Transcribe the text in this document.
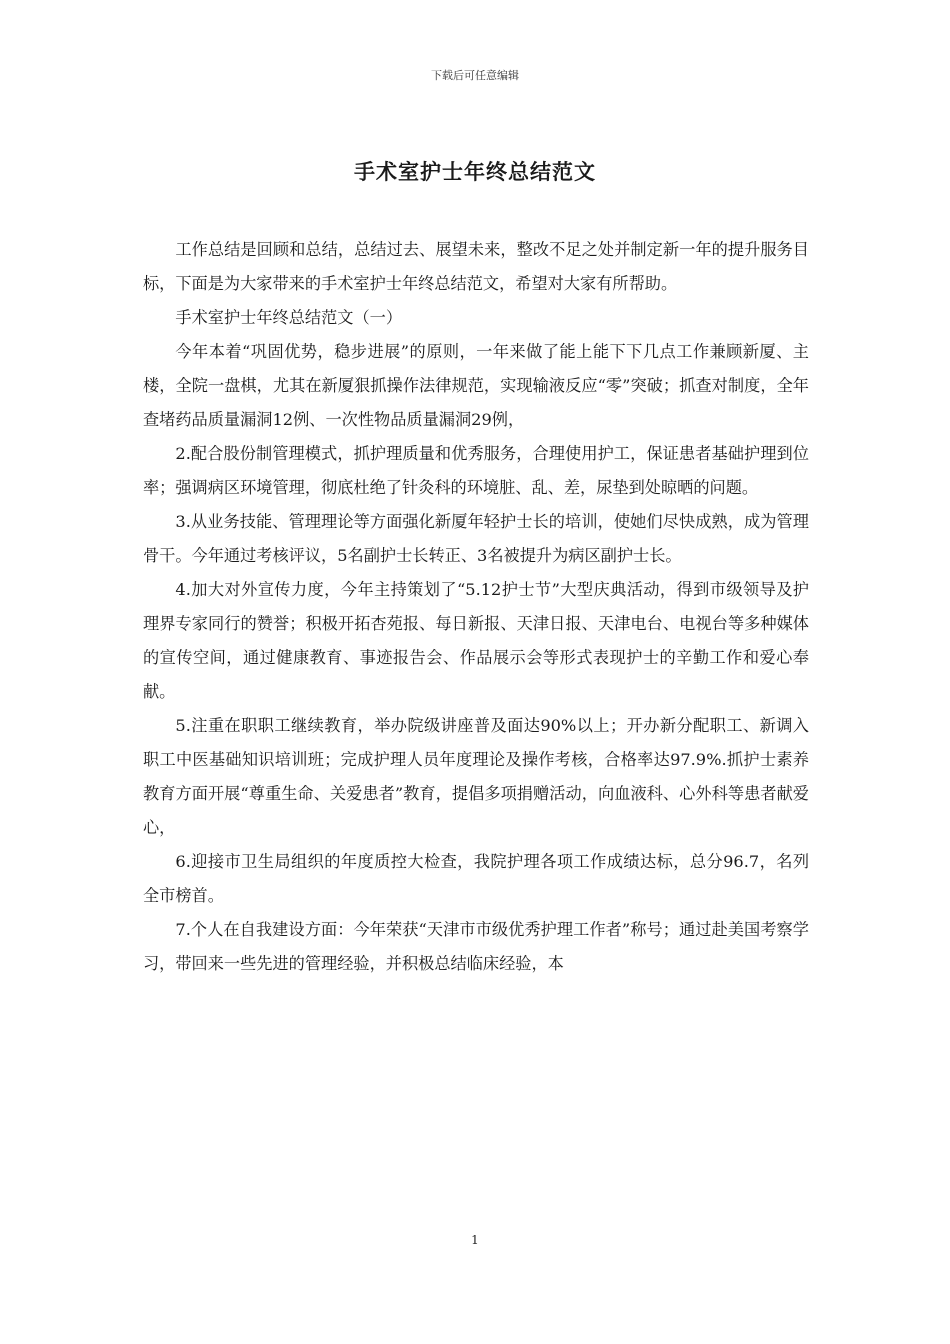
下载后可任意编辑
手术室护士年终总结范文

工作总结是回顾和总结，总结过去、展望未来，整改不足之处并制定新一年的提升服务目标，下面是为大家带来的手术室护士年终总结范文，希望对大家有所帮助。

手术室护士年终总结范文（一）

今年本着“巩固优势，稳步进展”的原则，一年来做了能上能下下几点工作兼顾新厦、主楼，全院一盘棋，尤其在新厦狠抓操作法律规范，实现输液反应“零”突破；抓查对制度，全年查堵药品质量漏洞12例、一次性物品质量漏洞29例，

2.配合股份制管理模式，抓护理质量和优秀服务，合理使用护工，保证患者基础护理到位率；强调病区环境管理，彻底杜绝了针灸科的环境脏、乱、差，尿垫到处晾晒的问题。

3.从业务技能、管理理论等方面强化新厦年轻护士长的培训，使她们尽快成熟，成为管理骨干。今年通过考核评议，5名副护士长转正、3名被提升为病区副护士长。

4.加大对外宣传力度，今年主持策划了“5.12护士节”大型庆典活动，得到市级领导及护理界专家同行的赞誉；积极开拓杏苑报、每日新报、天津日报、天津电台、电视台等多种媒体的宣传空间，通过健康教育、事迹报告会、作品展示会等形式表现护士的辛勤工作和爱心奉献。

5.注重在职职工继续教育，举办院级讲座普及面达90%以上；开办新分配职工、新调入职工中医基础知识培训班；完成护理人员年度理论及操作考核，合格率达97.9%.抓护士素养教育方面开展“尊重生命、关爱患者”教育，提倡多项捐赠活动，向血液科、心外科等患者献爱心，

6.迎接市卫生局组织的年度质控大检查，我院护理各项工作成绩达标，总分96.7，名列全市榜首。

7.个人在自我建设方面：今年荣获“天津市市级优秀护理工作者”称号；通过赴美国考察学习，带回来一些先进的管理经验，并积极总结临床经验，本

1
